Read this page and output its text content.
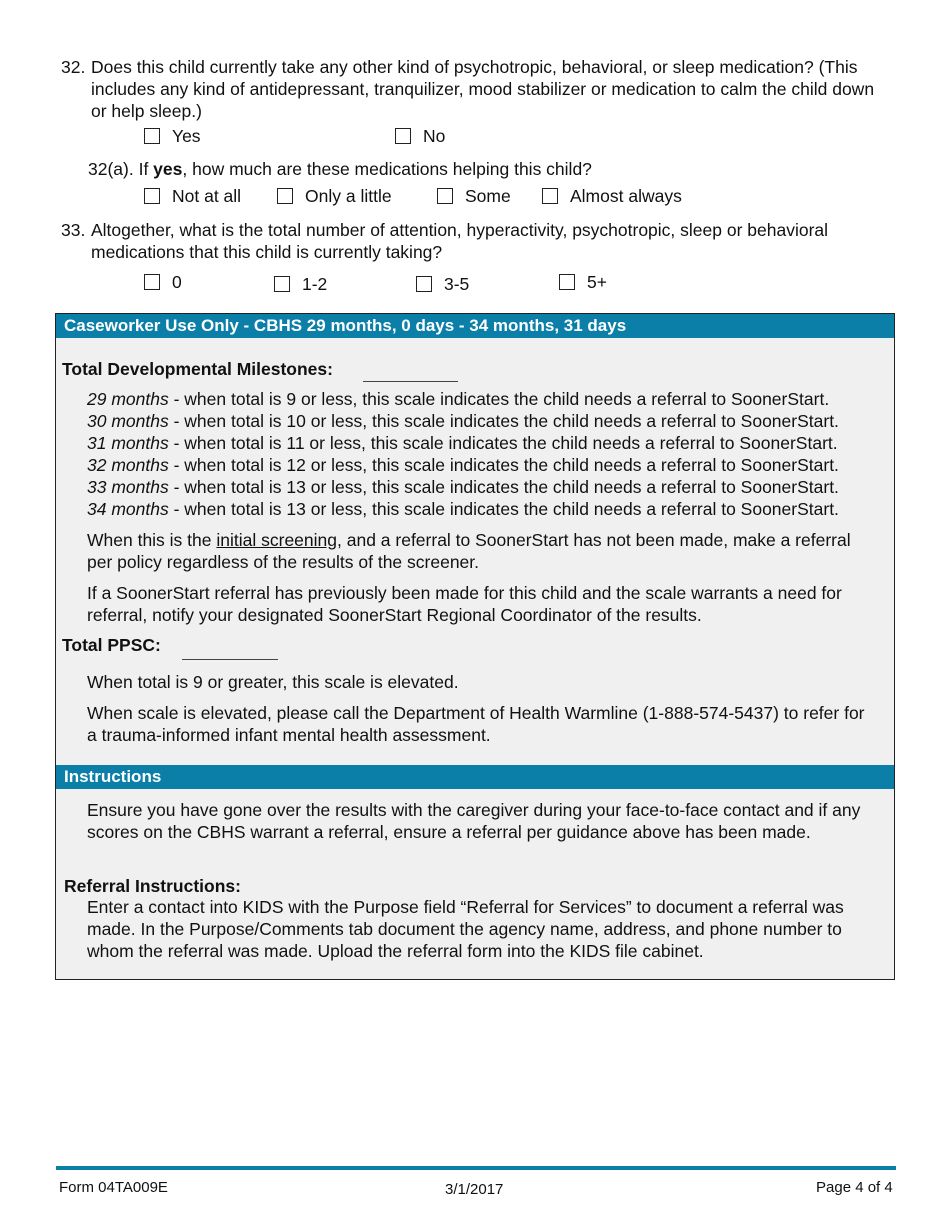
32. Does this child currently take any other kind of psychotropic, behavioral, or sleep medication? (This includes any kind of antidepressant, tranquilizer, mood stabilizer or medication to calm the child down or help sleep.)
Yes	No
32(a). If yes, how much are these medications helping this child?
Not at all	Only a little	Some	Almost always
33. Altogether, what is the total number of attention, hyperactivity, psychotropic, sleep or behavioral medications that this child is currently taking?
0	1-2	3-5	5+
Caseworker Use Only - CBHS 29 months, 0 days - 34 months, 31 days
Total Developmental Milestones:
29 months - when total is 9 or less, this scale indicates the child needs a referral to SoonerStart.
30 months - when total is 10 or less, this scale indicates the child needs a referral to SoonerStart.
31 months - when total is 11 or less, this scale indicates the child needs a referral to SoonerStart.
32 months - when total is 12 or less, this scale indicates the child needs a referral to SoonerStart.
33 months - when total is 13 or less, this scale indicates the child needs a referral to SoonerStart.
34 months - when total is 13 or less, this scale indicates the child needs a referral to SoonerStart.
When this is the initial screening, and a referral to SoonerStart has not been made, make a referral per policy regardless of the results of the screener.
If a SoonerStart referral has previously been made for this child and the scale warrants a need for referral, notify your designated SoonerStart Regional Coordinator of the results.
Total PPSC:
When total is 9 or greater, this scale is elevated.
When scale is elevated, please call the Department of Health Warmline (1-888-574-5437) to refer for a trauma-informed infant mental health assessment.
Instructions
Ensure you have gone over the results with the caregiver during your face-to-face contact and if any scores on the CBHS warrant a referral, ensure a referral per guidance above has been made.
Referral Instructions:
Enter a contact into KIDS with the Purpose field “Referral for Services” to document a referral was made. In the Purpose/Comments tab document the agency name, address, and phone number to whom the referral was made. Upload the referral form into the KIDS file cabinet.
Form 04TA009E	3/1/2017	Page 4 of 4
